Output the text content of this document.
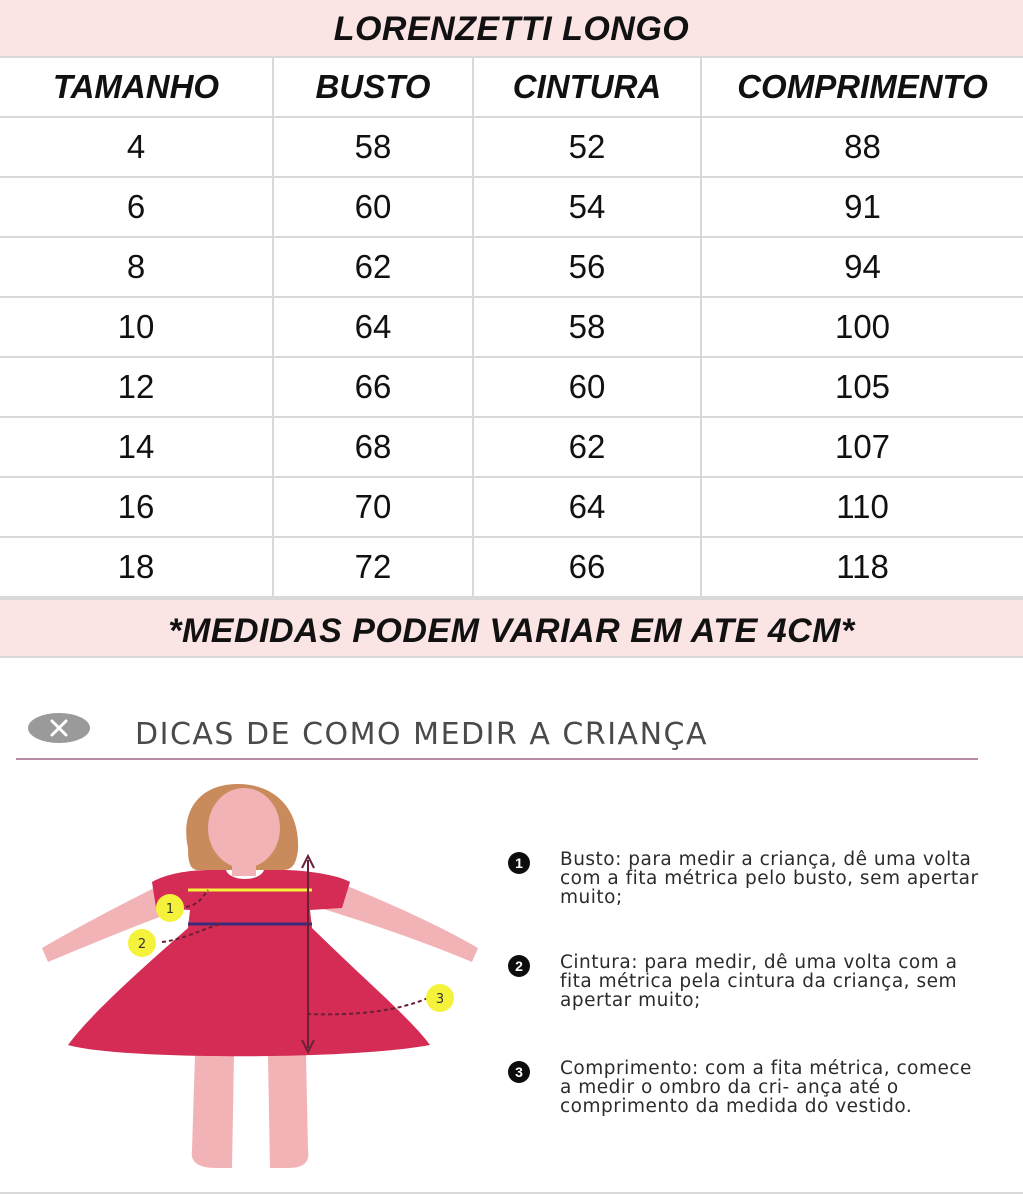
LORENZETTI LONGO
TAMANHO	BUSTO	CINTURA	COMPRIMENTO
4	58	52	88
6	60	54	91
8	62	56	94
10	64	58	100
12	66	60	105
14	68	62	107
16	70	64	110
18	72	66	118
*MEDIDAS PODEM VARIAR EM ATE 4CM*
DICAS DE COMO MEDIR A CRIANÇA
1
2
3
1	Busto: para medir a criança, dê uma volta com a fita métrica pelo busto, sem apertar muito;
2	Cintura: para medir, dê uma volta com a fita métrica pela cintura da criança, sem apertar muito;
3	Comprimento: com a fita métrica, comece a medir o ombro da cri- ança até o comprimento da medida do vestido.
